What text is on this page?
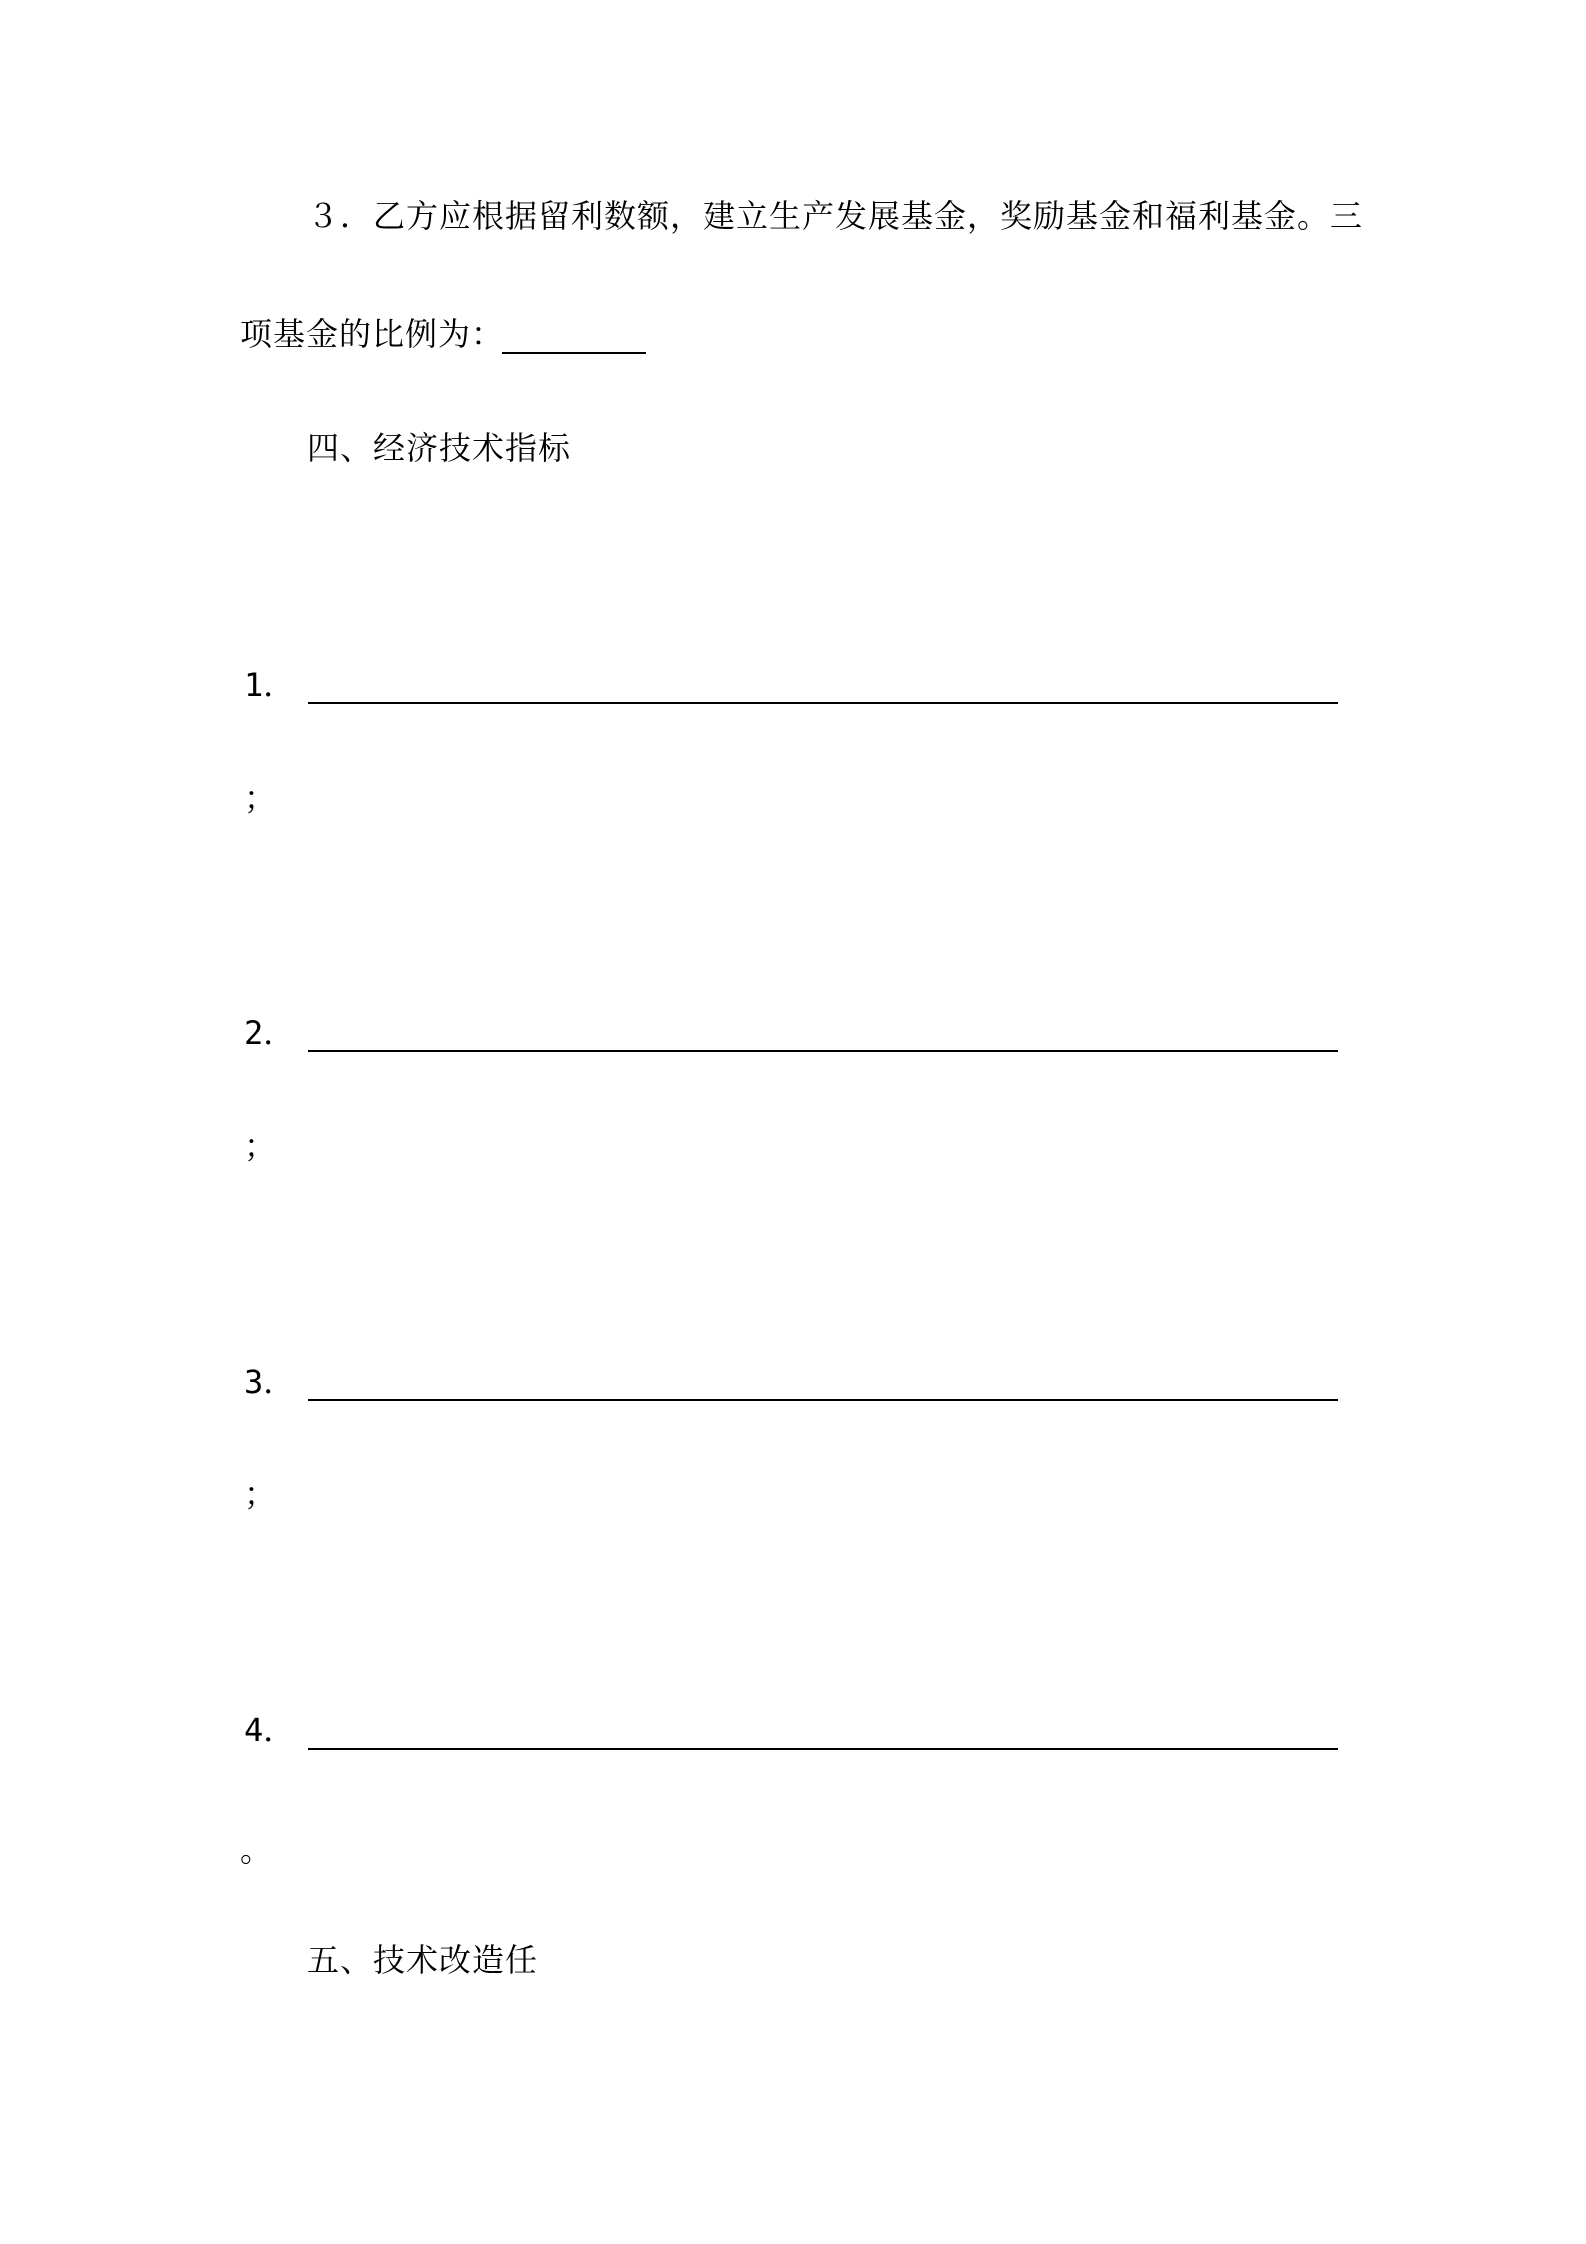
３．乙方应根据留利数额，建立生产发展基金，奖励基金和福利基金。三
项基金的比例为：
四、经济技术指标
1．
；
2．
；
3．
；
4．
。
五、技术改造任
